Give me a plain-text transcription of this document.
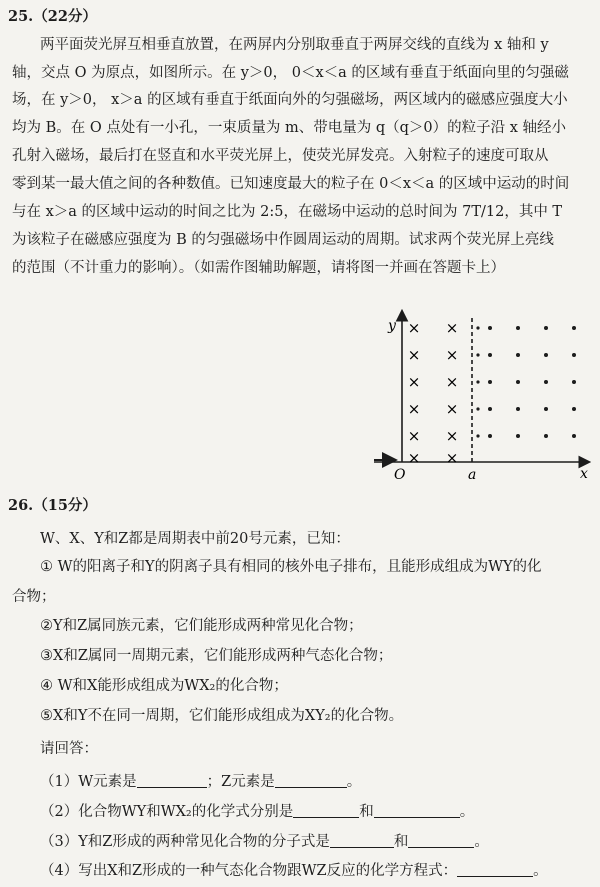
25.（22分）
两平面荧光屏互相垂直放置，在两屏内分别取垂直于两屏交线的直线为 x 轴和 y
轴，交点 O 为原点，如图所示。在 y＞0， 0＜x＜a 的区域有垂直于纸面向里的匀强磁
场，在 y＞0， x＞a 的区域有垂直于纸面向外的匀强磁场，两区域内的磁感应强度大小
均为 B。在 O 点处有一小孔，一束质量为 m、带电量为 q（q＞0）的粒子沿 x 轴经小
孔射入磁场，最后打在竖直和水平荧光屏上，使荧光屏发亮。入射粒子的速度可取从
零到某一最大值之间的各种数值。已知速度最大的粒子在 0＜x＜a 的区域中运动的时间
与在 x＞a 的区域中运动的时间之比为 2:5，在磁场中运动的总时间为 7T/12，其中 T
为该粒子在磁感应强度为 B 的匀强磁场中作圆周运动的周期。试求两个荧光屏上亮线
的范围（不计重力的影响）。（如需作图辅助解题，请将图一并画在答题卡上）
y
x
O	a
× ×
× ×
× ×
× ×
× ×
× ×
26.（15分）
W、X、Y和Z都是周期表中前20号元素，已知：
① W的阳离子和Y的阴离子具有相同的核外电子排布，且能形成组成为WY的化
合物；
②Y和Z属同族元素，它们能形成两种常见化合物；
③X和Z属同一周期元素，它们能形成两种气态化合物；
④ W和X能形成组成为WX₂的化合物；
⑤X和Y不在同一周期，它们能形成组成为XY₂的化合物。
请回答：
（1）W元素是	；Z元素是	。
（2）化合物WY和WX₂的化学式分别是	和	。
（3）Y和Z形成的两种常见化合物的分子式是	和	。
（4）写出X和Z形成的一种气态化合物跟WZ反应的化学方程式：	。
